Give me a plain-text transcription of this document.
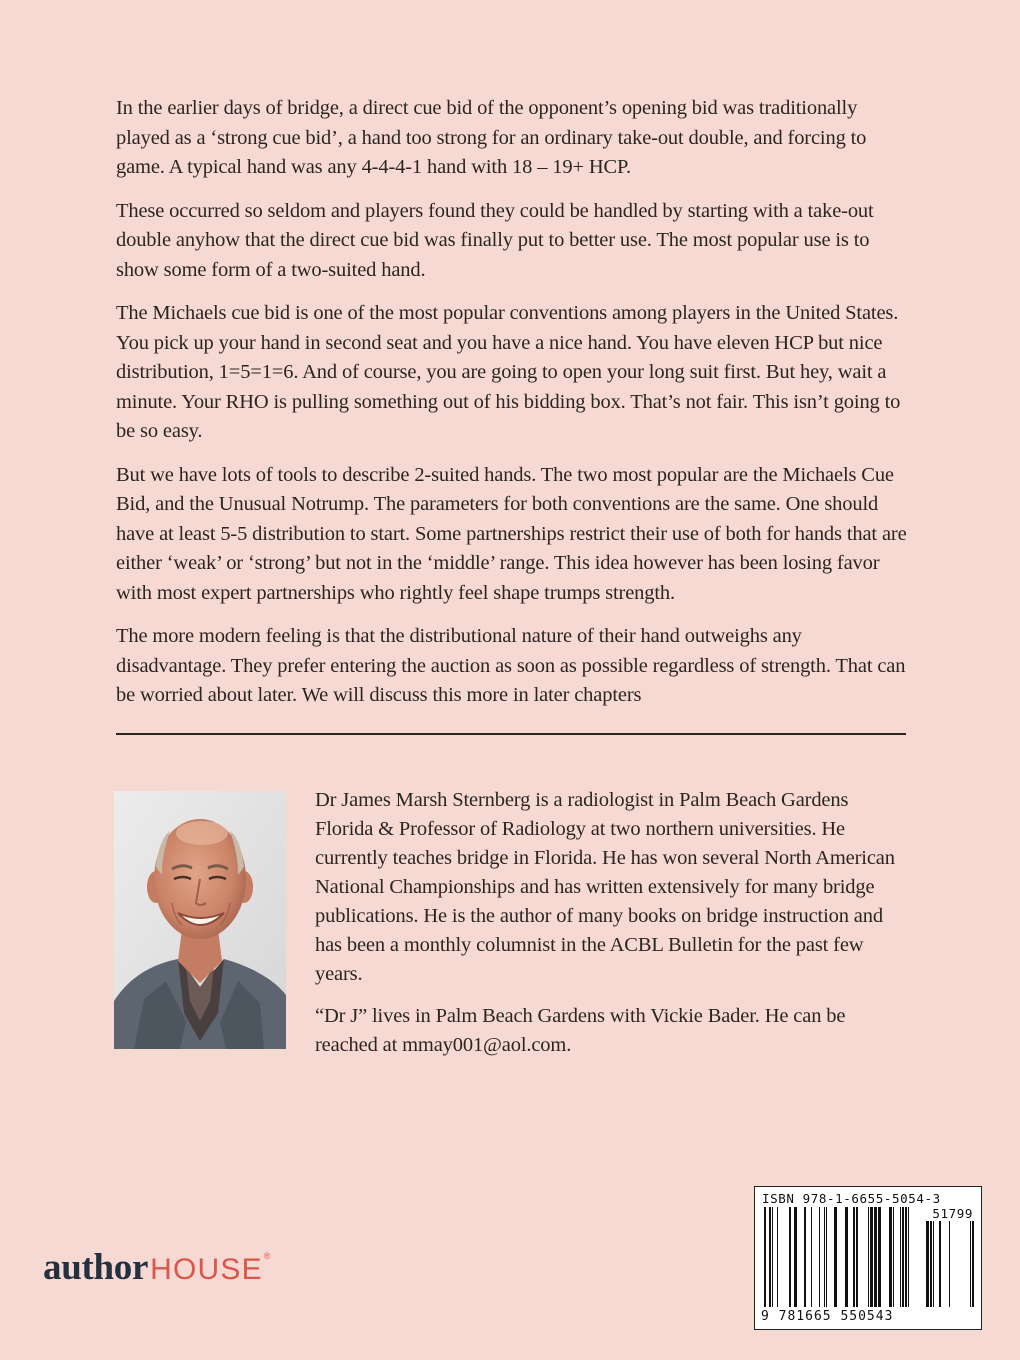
In the earlier days of bridge, a direct cue bid of the opponent’s opening bid was traditionally played as a ‘strong cue bid’, a hand too strong for an ordinary take-out double, and forcing to game. A typical hand was any 4-4-4-1 hand with 18 – 19+ HCP.

These occurred so seldom and players found they could be handled by starting with a take-out double anyhow that the direct cue bid was finally put to better use. The most popular use is to show some form of a two-suited hand.

The Michaels cue bid is one of the most popular conventions among players in the United States. You pick up your hand in second seat and you have a nice hand. You have eleven HCP but nice distribution, 1=5=1=6. And of course, you are going to open your long suit first. But hey, wait a minute. Your RHO is pulling something out of his bidding box. That’s not fair. This isn’t going to be so easy.

But we have lots of tools to describe 2-suited hands. The two most popular are the Michaels Cue Bid, and the Unusual Notrump. The parameters for both conventions are the same. One should have at least 5-5 distribution to start. Some partnerships restrict their use of both for hands that are either ‘weak’ or ‘strong’ but not in the ‘middle’ range. This idea however has been losing favor with most expert partnerships who rightly feel shape trumps strength.

The more modern feeling is that the distributional nature of their hand outweighs any disadvantage. They prefer entering the auction as soon as possible regardless of strength. That can be worried about later. We will discuss this more in later chapters

Dr James Marsh Sternberg is a radiologist in Palm Beach Gardens Florida & Professor of Radiology at two northern universities. He currently teaches bridge in Florida. He has won several North American National Championships and has written extensively for many bridge publications. He is the author of many books on bridge instruction and has been a monthly columnist in the ACBL Bulletin for the past few years.

“Dr J” lives in Palm Beach Gardens with Vickie Bader. He can be reached at mmay001@aol.com.

author HOUSE ®
ISBN 978-1-6655-5054-3
51799
9 781665 550543
